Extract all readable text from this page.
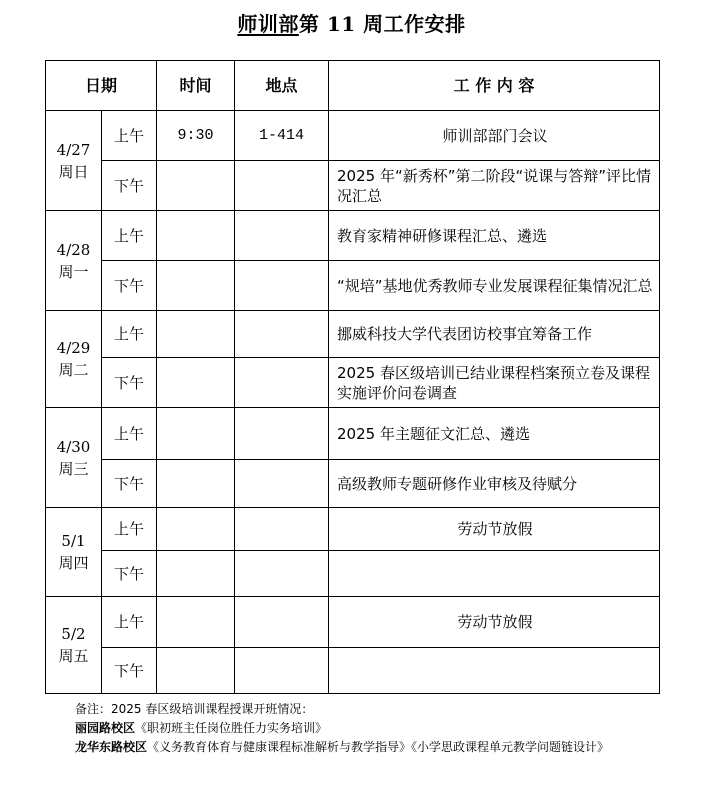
师训部第 11 周工作安排
日期		时间	地点	工 作 内 容

4/27
周日	上午	9:30	1-414	师训部部门会议
	下午			2025 年“新秀杯”第二阶段“说课与答辩”评比情况汇总

4/28
周一	上午			教育家精神研修课程汇总、遴选
	下午			“规培”基地优秀教师专业发展课程征集情况汇总

4/29
周二	上午			挪威科技大学代表团访校事宜筹备工作
	下午			2025 春区级培训已结业课程档案预立卷及课程实施评价问卷调查

4/30
周三	上午			2025 年主题征文汇总、遴选
	下午			高级教师专题研修作业审核及待赋分

5/1
周四	上午			劳动节放假
	下午			

5/2
周五	上午			劳动节放假
	下午			
备注：2025 春区级培训课程授课开班情况：
丽园路校区《职初班主任岗位胜任力实务培训》
龙华东路校区《义务教育体育与健康课程标准解析与教学指导》《小学思政课程单元教学问题链设计》
